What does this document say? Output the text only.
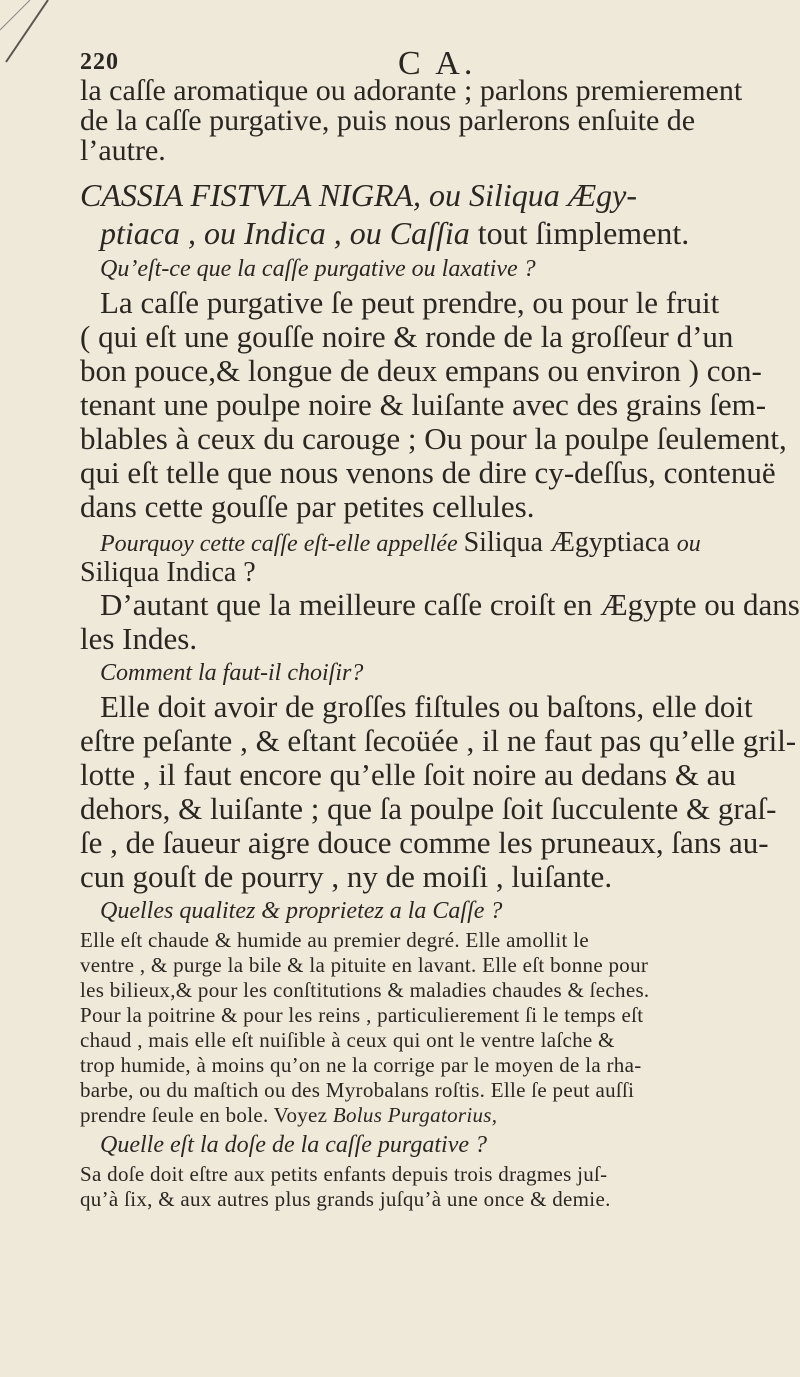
220	C A.
la caſſe aromatique ou adorante ; parlons premierement
de la caſſe purgative, puis nous parlerons enſuite de
l’autre.
CASSIA FISTVLA NIGRA, ou Siliqua Ægy-
ptiaca , ou Indica , ou Caſſia tout ſimplement.
Qu’eſt-ce que la caſſe purgative ou laxative ?
La caſſe purgative ſe peut prendre, ou pour le fruit
( qui eſt une gouſſe noire & ronde de la groſſeur d’un
bon pouce,& longue de deux empans ou environ ) con-
tenant une poulpe noire & luiſante avec des grains ſem-
blables à ceux du carouge ; Ou pour la poulpe ſeulement,
qui eſt telle que nous venons de dire cy-deſſus, contenuë
dans cette gouſſe par petites cellules.
Pourquoy cette caſſe eſt-elle appellée Siliqua Ægyptiaca ou
Siliqua Indica ?
D’autant que la meilleure caſſe croiſt en Ægypte ou dans
les Indes.
Comment la faut-il choiſir?
Elle doit avoir de groſſes fiſtules ou baſtons, elle doit
eſtre peſante , & eſtant ſecoüée , il ne faut pas qu’elle gril-
lotte , il faut encore qu’elle ſoit noire au dedans & au
dehors, & luiſante ; que ſa poulpe ſoit ſucculente & graſ-
ſe , de ſaueur aigre douce comme les pruneaux, ſans au-
cun gouſt de pourry , ny de moiſi , luiſante.
Quelles qualitez & proprietez a la Caſſe ?
Elle eſt chaude & humide au premier degré. Elle amollit le
ventre , & purge la bile & la pituite en lavant. Elle eſt bonne pour
les bilieux,& pour les conſtitutions & maladies chaudes & ſeches.
Pour la poitrine & pour les reins , particulierement ſi le temps eſt
chaud , mais elle eſt nuiſible à ceux qui ont le ventre laſche &
trop humide, à moins qu’on ne la corrige par le moyen de la rha-
barbe, ou du maſtich ou des Myrobalans roſtis. Elle ſe peut auſſi
prendre ſeule en bole. Voyez Bolus Purgatorius,
Quelle eſt la doſe de la caſſe purgative ?
Sa doſe doit eſtre aux petits enfants depuis trois dragmes juſ-
qu’à ſix, & aux autres plus grands juſqu’à une once & demie.
